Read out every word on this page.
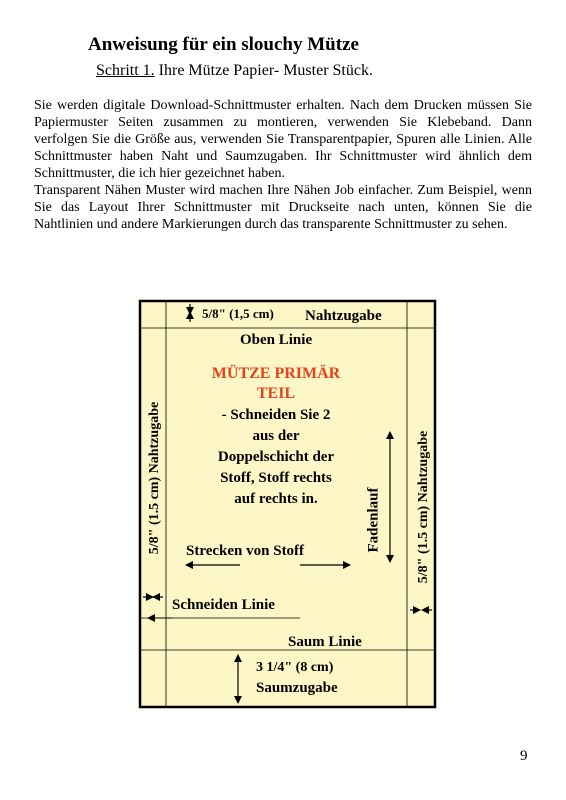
Anweisung für ein slouchy Mütze
Schritt 1. Ihre Mütze Papier- Muster Stück.

Sie werden digitale Download-Schnittmuster erhalten. Nach dem Drucken müssen Sie Papiermuster Seiten zusammen zu montieren, verwenden Sie Klebeband. Dann verfolgen Sie die Größe aus, verwenden Sie Transparentpapier, Spuren alle Linien. Alle Schnittmuster haben Naht und Saumzugaben. Ihr Schnittmuster wird ähnlich dem Schnittmuster, die ich hier gezeichnet haben.

Transparent Nähen Muster wird machen Ihre Nähen Job einfacher. Zum Beispiel, wenn Sie das Layout Ihrer Schnittmuster mit Druckseite nach unten, können Sie die Nahtlinien und andere Markierungen durch das transparente Schnittmuster zu sehen.

5/8" (1,5 cm) Nahtzugabe
Oben Linie
MÜTZE PRIMÄR
TEIL
- Schneiden Sie 2
aus der
Doppelschicht der
Stoff, Stoff rechts
auf rechts in.
5/8" (1.5 cm) Nahtzugabe	5/8" (1.5 cm) Nahtzugabe
Fadenlauf
Strecken von Stoff
Schneiden Linie
Saum Linie
3 1/4" (8 cm)
Saumzugabe
9
